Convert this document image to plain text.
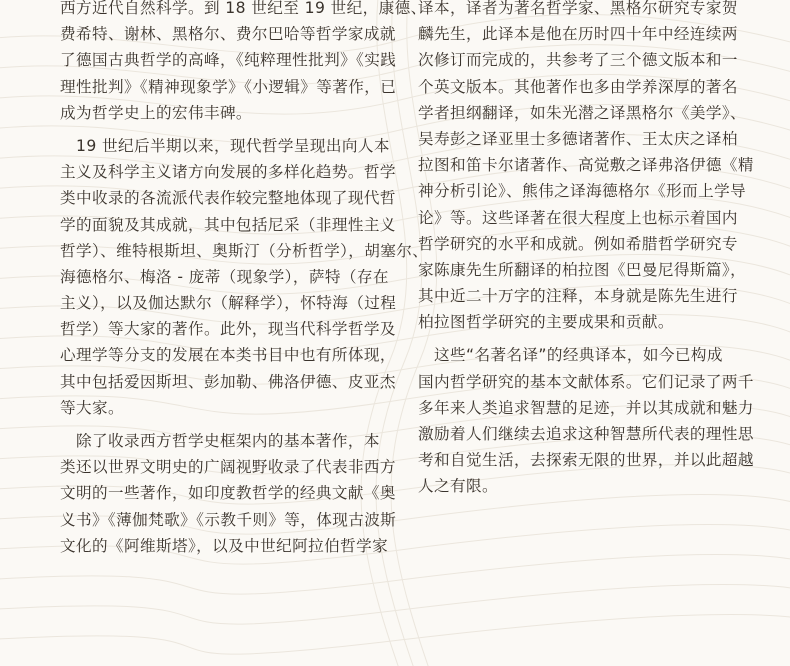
西方近代自然科学。到 18 世纪至 19 世纪，康德、
费希特、谢林、黑格尔、费尔巴哈等哲学家成就
了德国古典哲学的高峰，《纯粹理性批判》《实践
理性批判》《精神现象学》《小逻辑》等著作，已
成为哲学史上的宏伟丰碑。
　19 世纪后半期以来，现代哲学呈现出向人本
主义及科学主义诸方向发展的多样化趋势。哲学
类中收录的各流派代表作较完整地体现了现代哲
学的面貌及其成就，其中包括尼采（非理性主义
哲学）、维特根斯坦、奥斯汀（分析哲学），胡塞尔、
海德格尔、梅洛 - 庞蒂（现象学），萨特（存在
主义），以及伽达默尔（解释学），怀特海（过程
哲学）等大家的著作。此外，现当代科学哲学及
心理学等分支的发展在本类书目中也有所体现，
其中包括爱因斯坦、彭加勒、佛洛伊德、皮亚杰
等大家。
　除了收录西方哲学史框架内的基本著作，本
类还以世界文明史的广阔视野收录了代表非西方
文明的一些著作，如印度教哲学的经典文献《奥
义书》《薄伽梵歌》《示教千则》等，体现古波斯
文化的《阿维斯塔》，以及中世纪阿拉伯哲学家
译本，译者为著名哲学家、黑格尔研究专家贺
麟先生，此译本是他在历时四十年中经连续两
次修订而完成的，共参考了三个德文版本和一
个英文版本。其他著作也多由学养深厚的著名
学者担纲翻译，如朱光潜之译黑格尔《美学》、
吴寿彭之译亚里士多德诸著作、王太庆之译柏
拉图和笛卡尔诸著作、高觉敷之译弗洛伊德《精
神分析引论》、熊伟之译海德格尔《形而上学导
论》等。这些译著在很大程度上也标示着国内
哲学研究的水平和成就。例如希腊哲学研究专
家陈康先生所翻译的柏拉图《巴曼尼得斯篇》，
其中近二十万字的注释，本身就是陈先生进行
柏拉图哲学研究的主要成果和贡献。
　这些“名著名译”的经典译本，如今已构成
国内哲学研究的基本文献体系。它们记录了两千
多年来人类追求智慧的足迹，并以其成就和魅力
激励着人们继续去追求这种智慧所代表的理性思
考和自觉生活，去探索无限的世界，并以此超越
人之有限。
